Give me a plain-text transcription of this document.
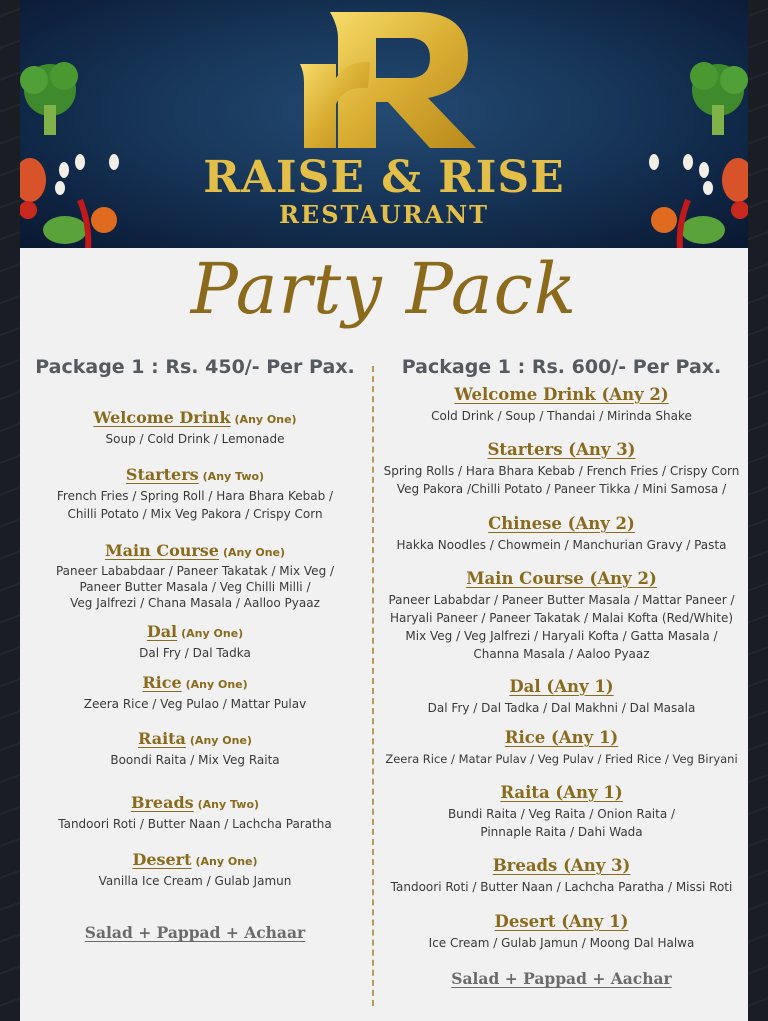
RAISE & RISE
RESTAURANT
Party Pack
Package 1 : Rs. 450/- Per Pax.
Welcome Drink (Any One)
Soup / Cold Drink / Lemonade
Starters (Any Two)
French Fries / Spring Roll / Hara Bhara Kebab /
Chilli Potato / Mix Veg Pakora / Crispy Corn
Main Course (Any One)
Paneer Lababdaar / Paneer Takatak / Mix Veg /
Paneer Butter Masala / Veg Chilli Milli /
Veg Jalfrezi / Chana Masala / Aalloo Pyaaz
Dal (Any One)
Dal Fry / Dal Tadka
Rice (Any One)
Zeera Rice / Veg Pulao / Mattar Pulav
Raita (Any One)
Boondi Raita / Mix Veg Raita
Breads (Any Two)
Tandoori Roti / Butter Naan / Lachcha Paratha
Desert (Any One)
Vanilla Ice Cream / Gulab Jamun
Salad + Pappad + Achaar
Package 1 : Rs. 600/- Per Pax.
Welcome Drink (Any 2)
Cold Drink / Soup / Thandai / Mirinda Shake
Starters (Any 3)
Spring Rolls / Hara Bhara Kebab / French Fries / Crispy Corn
Veg Pakora /Chilli Potato / Paneer Tikka / Mini Samosa /
Chinese (Any 2)
Hakka Noodles / Chowmein / Manchurian Gravy / Pasta
Main Course (Any 2)
Paneer Lababdar / Paneer Butter Masala / Mattar Paneer /
Haryali Paneer / Paneer Takatak / Malai Kofta (Red/White)
Mix Veg / Veg Jalfrezi / Haryali Kofta / Gatta Masala /
Channa Masala / Aaloo Pyaaz
Dal (Any 1)
Dal Fry / Dal Tadka / Dal Makhni / Dal Masala
Rice (Any 1)
Zeera Rice / Matar Pulav / Veg Pulav / Fried Rice / Veg Biryani
Raita (Any 1)
Bundi Raita / Veg Raita / Onion Raita /
Pinnaple Raita / Dahi Wada
Breads (Any 3)
Tandoori Roti / Butter Naan / Lachcha Paratha / Missi Roti
Desert (Any 1)
Ice Cream / Gulab Jamun / Moong Dal Halwa
Salad + Pappad + Aachar
